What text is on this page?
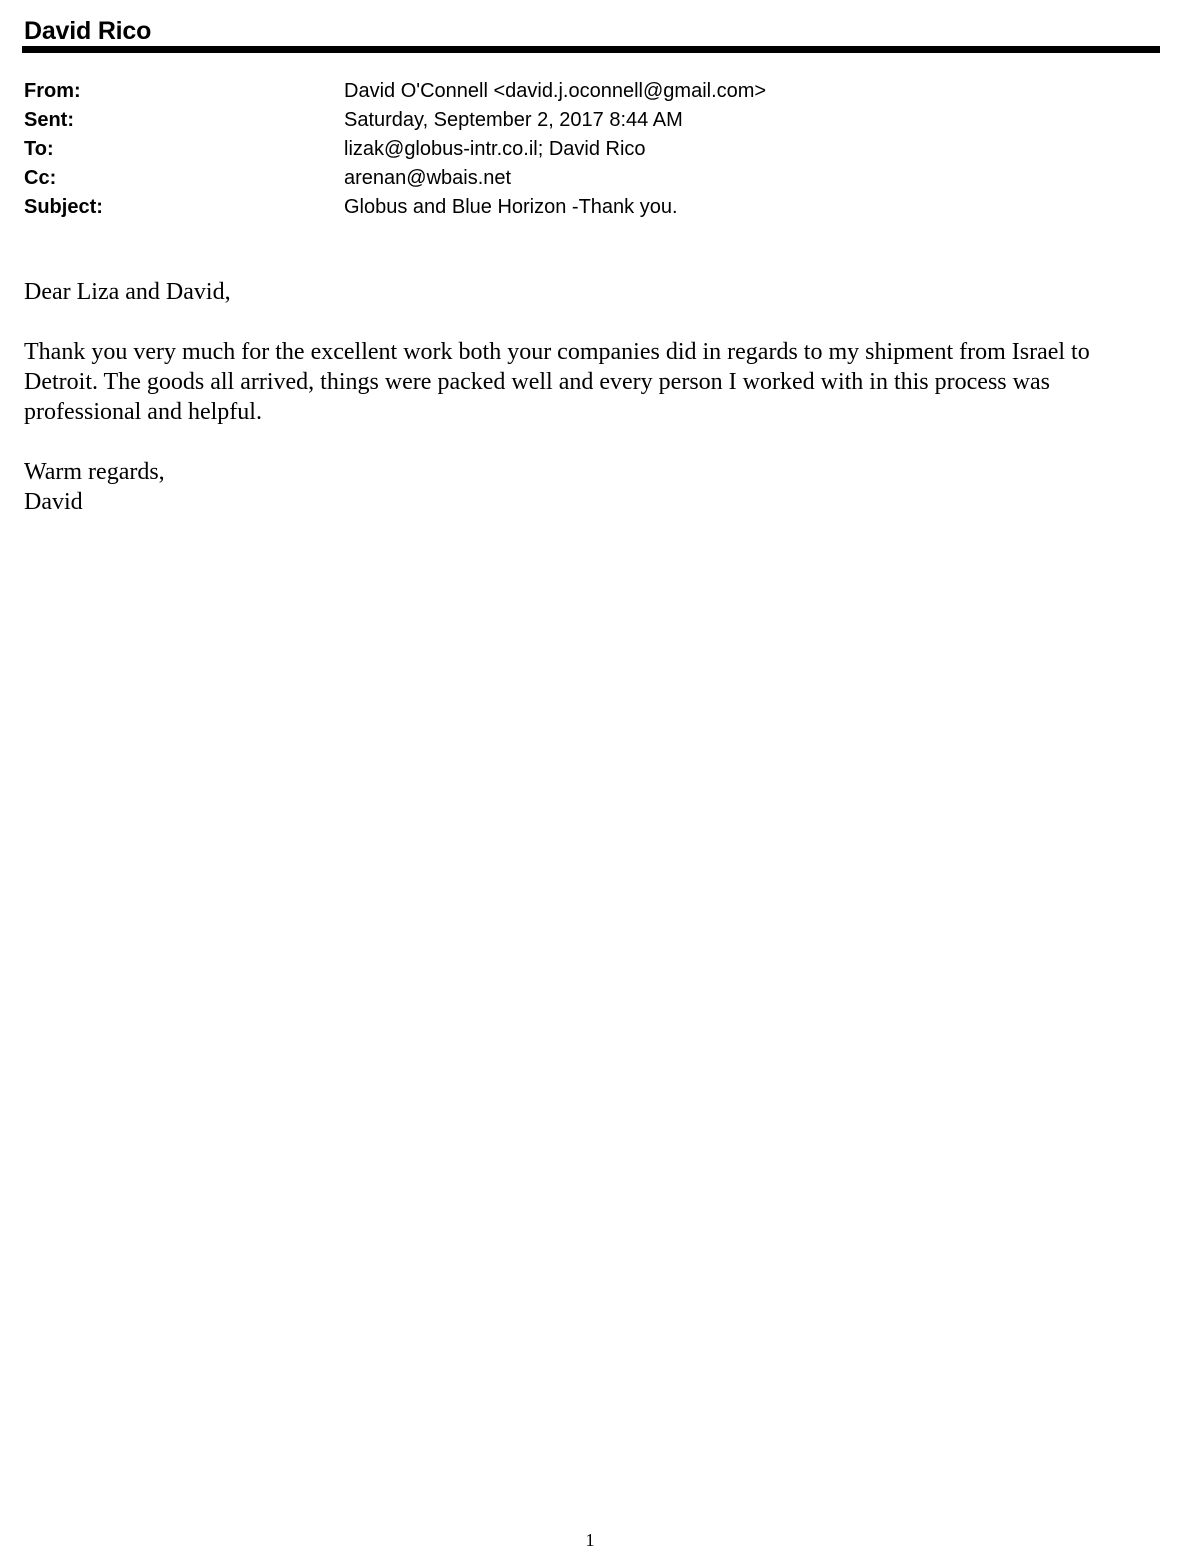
David Rico
From:	David O'Connell <david.j.oconnell@gmail.com>
Sent:	Saturday, September 2, 2017 8:44 AM
To:	lizak@globus-intr.co.il; David Rico
Cc:	arenan@wbais.net
Subject:	Globus and Blue Horizon -Thank you.

Dear Liza and David,

Thank you very much for the excellent work both your companies did in regards to my shipment from Israel to Detroit. The goods all arrived, things were packed well and every person I worked with in this process was professional and helpful.

Warm regards,
David
1
